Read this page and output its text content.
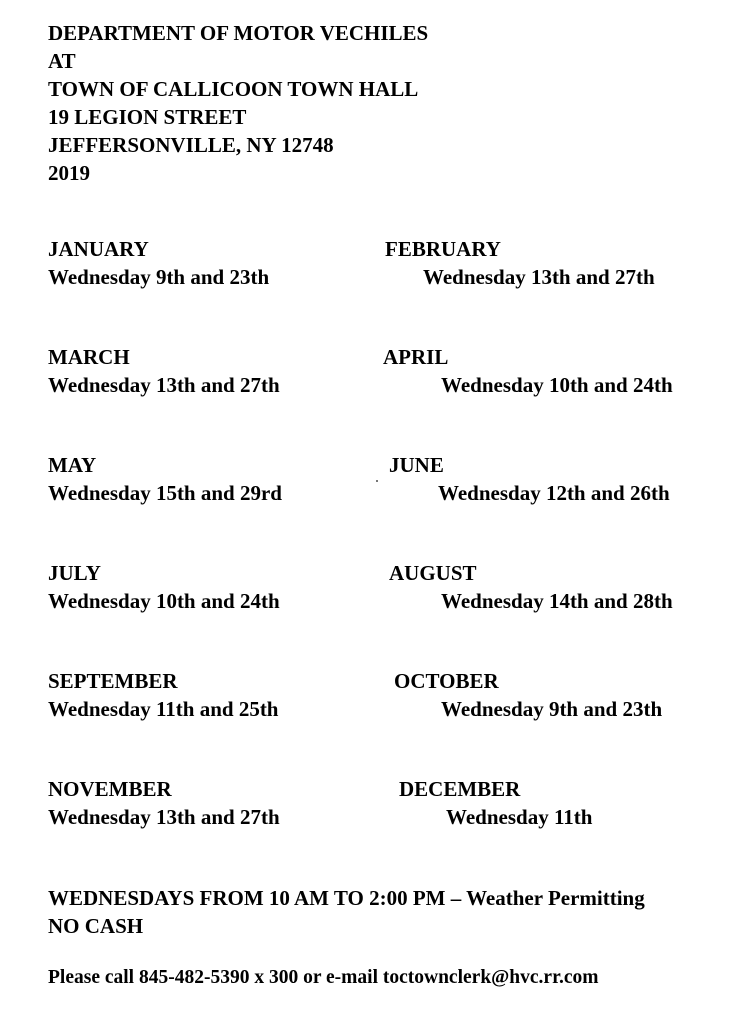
DEPARTMENT OF MOTOR VECHILES
AT
TOWN OF CALLICOON TOWN HALL
19 LEGION STREET
JEFFERSONVILLE, NY 12748
2019
JANUARY
Wednesday 9th and 23th
FEBRUARY
Wednesday 13th and 27th
MARCH
Wednesday 13th and 27th
APRIL
Wednesday 10th and 24th
MAY
Wednesday 15th and 29rd
JUNE
Wednesday 12th and 26th
JULY
Wednesday 10th and 24th
AUGUST
Wednesday 14th and 28th
SEPTEMBER
Wednesday 11th and 25th
OCTOBER
Wednesday 9th and 23th
NOVEMBER
Wednesday 13th and 27th
DECEMBER
Wednesday 11th
WEDNESDAYS FROM 10 AM TO 2:00 PM – Weather Permitting
NO CASH
Please call 845-482-5390 x 300 or e-mail toctownclerk@hvc.rr.com
